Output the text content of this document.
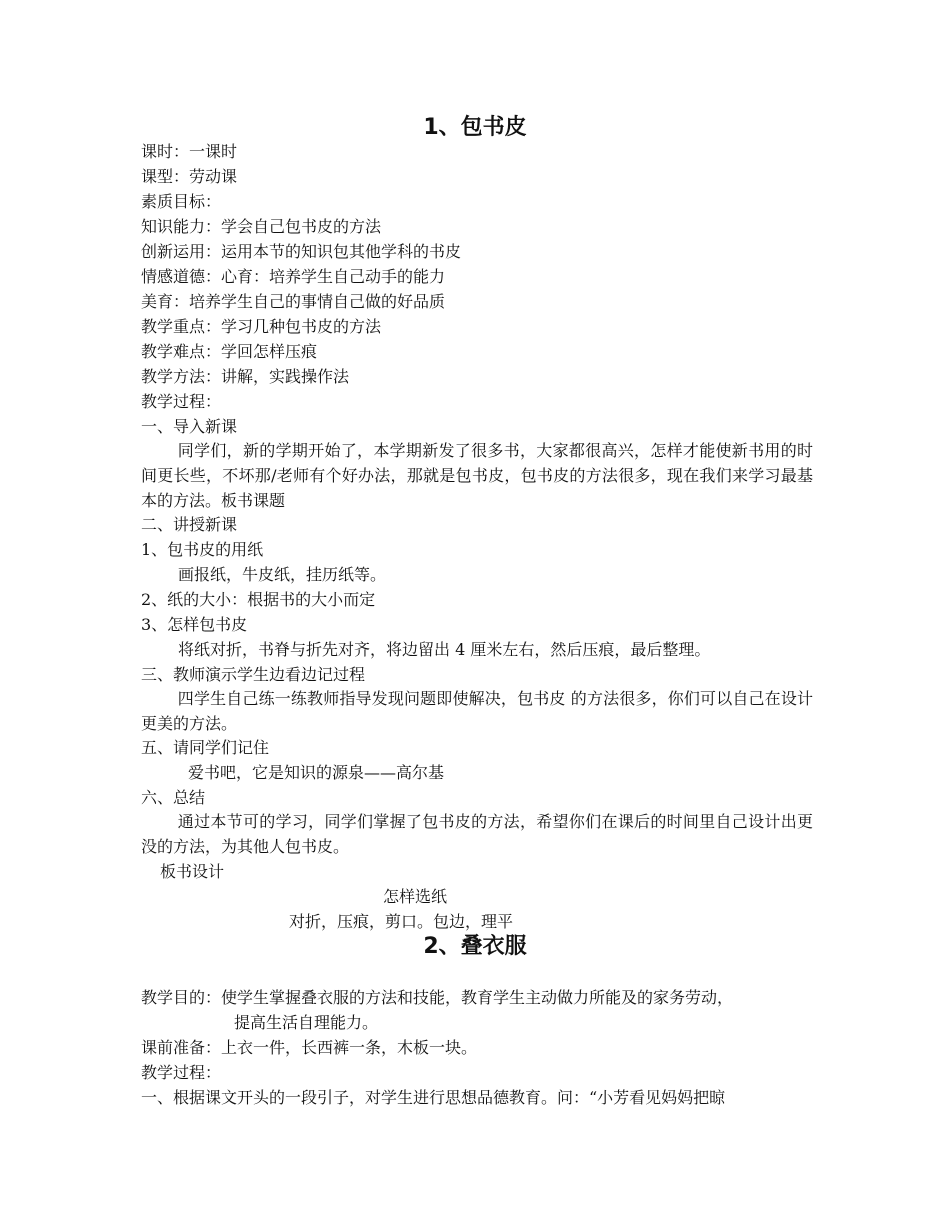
1、包书皮
课时：一课时
课型：劳动课
素质目标：
知识能力：学会自己包书皮的方法
创新运用：运用本节的知识包其他学科的书皮
情感道德：心育：培养学生自己动手的能力
美育：培养学生自己的事情自己做的好品质
教学重点：学习几种包书皮的方法
教学难点：学回怎样压痕
教学方法：讲解，实践操作法
教学过程：
一、导入新课
同学们，新的学期开始了，本学期新发了很多书，大家都很高兴，怎样才能使新书用的时间更长些，不坏那/老师有个好办法，那就是包书皮，包书皮的方法很多，现在我们来学习最基本的方法。板书课题
二、讲授新课
1、包书皮的用纸
画报纸，牛皮纸，挂历纸等。
2、纸的大小：根据书的大小而定
3、怎样包书皮
将纸对折，书脊与折先对齐，将边留出 4 厘米左右，然后压痕，最后整理。
三、教师演示学生边看边记过程
四学生自己练一练教师指导发现问题即使解决，包书皮 的方法很多，你们可以自己在设计更美的方法。
五、请同学们记住
爱书吧，它是知识的源泉——高尔基
六、总结
通过本节可的学习，同学们掌握了包书皮的方法，希望你们在课后的时间里自己设计出更没的方法，为其他人包书皮。
板书设计
怎样选纸
对折，压痕，剪口。包边，理平
2、叠衣服
教学目的：使学生掌握叠衣服的方法和技能，教育学生主动做力所能及的家务劳动，
提高生活自理能力。
课前准备：上衣一件，长西裤一条，木板一块。
教学过程：
一、根据课文开头的一段引子，对学生进行思想品德教育。问：“小芳看见妈妈把晾
